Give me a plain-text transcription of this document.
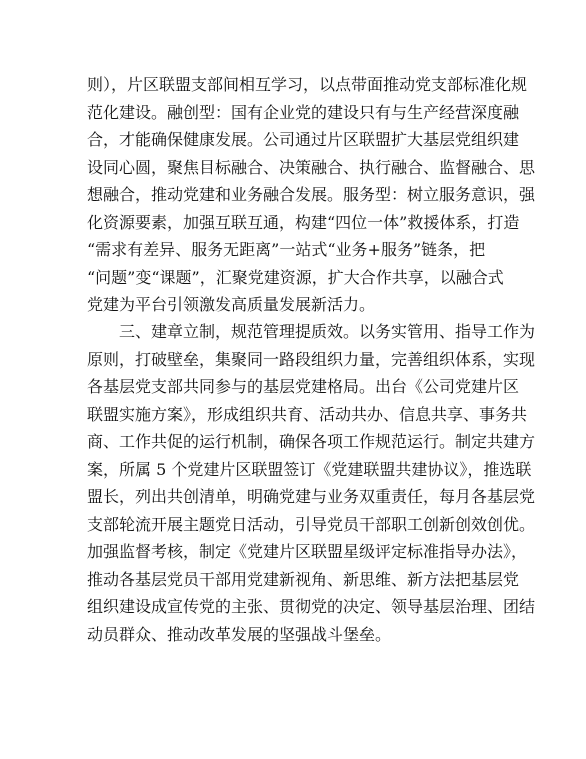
则），片区联盟支部间相互学习，以点带面推动党支部标准化规
范化建设。融创型：国有企业党的建设只有与生产经营深度融
合，才能确保健康发展。公司通过片区联盟扩大基层党组织建
设同心圆，聚焦目标融合、决策融合、执行融合、监督融合、思
想融合，推动党建和业务融合发展。服务型：树立服务意识，强
化资源要素，加强互联互通，构建“四位一体”救援体系，打造
“需求有差异、服务无距离”一站式“业务+服务”链条，把
“问题”变“课题”，汇聚党建资源，扩大合作共享，以融合式
党建为平台引领激发高质量发展新活力。
三、建章立制，规范管理提质效。以务实管用、指导工作为
原则，打破壁垒，集聚同一路段组织力量，完善组织体系，实现
各基层党支部共同参与的基层党建格局。出台《公司党建片区
联盟实施方案》，形成组织共育、活动共办、信息共享、事务共
商、工作共促的运行机制，确保各项工作规范运行。制定共建方
案，所属 5 个党建片区联盟签订《党建联盟共建协议》，推选联
盟长，列出共创清单，明确党建与业务双重责任，每月各基层党
支部轮流开展主题党日活动，引导党员干部职工创新创效创优。
加强监督考核，制定《党建片区联盟星级评定标准指导办法》，
推动各基层党员干部用党建新视角、新思维、新方法把基层党
组织建设成宣传党的主张、贯彻党的决定、领导基层治理、团结
动员群众、推动改革发展的坚强战斗堡垒。
